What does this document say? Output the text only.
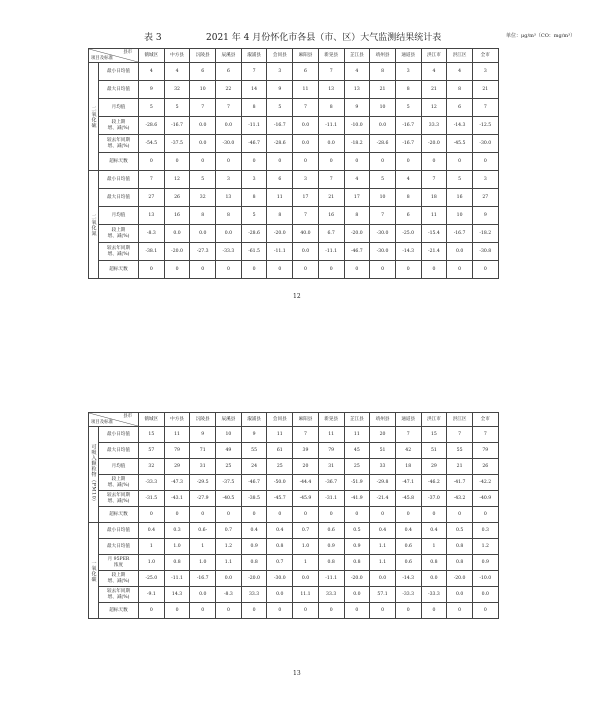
表 3	2021 年 4 月份怀化市各县（市、区）大气监测结果统计表	单位：μg/m³（CO：mg/m³）
县市
项目及标准		鹤城区	中方县	沅陵县	辰溪县	溆浦县	会同县	麻阳县	新晃县	芷江县	靖州县	通道县	洪江市	洪江区	全市

二氧化硫	最小日均值	4	4	6	6	7	3	6	7	4	8	3	4	4	3
	最大日均值	9	32	10	22	14	9	11	13	13	21	8	21	8	21
	月均值	5	5	7	7	8	5	7	8	9	10	5	12	6	7
	较上期
增、减(%)	-28.6	-16.7	0.0	0.0	-11.1	-16.7	0.0	-11.1	-10.0	0.0	-16.7	33.3	-14.3	-12.5
	较去年同期
增、减(%)	-54.5	-37.5	0.0	-30.0	-46.7	-28.6	0.0	0.0	-18.2	-28.6	-16.7	-20.0	-45.5	-30.0
	超标天数	0	0	0	0	0	0	0	0	0	0	0	0	0	0

二氧化氮	最小日均值	7	12	5	3	3	6	3	7	4	5	4	7	5	3
	最大日均值	27	26	32	13	8	11	17	21	17	10	8	18	16	27
	月均值	13	16	8	8	5	8	7	16	8	7	6	11	10	9
	较上期
增、减(%)	-8.3	0.0	0.0	0.0	-28.6	-20.0	40.0	6.7	-20.0	-30.0	-25.0	-15.4	-16.7	-18.2
	较去年同期
增、减(%)	-38.1	-20.0	-27.3	-33.3	-61.5	-11.1	0.0	-11.1	-46.7	-30.0	-14.3	-21.4	0.0	-30.8
	超标天数	0	0	0	0	0	0	0	0	0	0	0	0	0	0
12
县市
项目及标准		鹤城区	中方县	沅陵县	辰溪县	溆浦县	会同县	麻阳县	新晃县	芷江县	靖州县	通道县	洪江市	洪江区	全市

可吸入颗粒物（PM10）	最小日均值	15	11	9	10	9	11	7	11	11	20	7	15	7	7
	最大日均值	57	79	71	49	55	61	39	79	45	51	42	51	55	79
	月均值	32	29	31	25	24	25	20	31	25	33	18	29	21	26
	较上期
增、减(%)	-33.3	-47.3	-29.5	-37.5	-46.7	-50.0	-44.4	-36.7	-51.9	-29.8	-47.1	-46.2	-41.7	-42.2
	较去年同期
增、减(%)	-31.5	-43.1	-27.9	-40.5	-38.5	-45.7	-45.9	-31.1	-41.9	-21.4	-45.8	-37.0	-43.2	-40.9
	超标天数	0	0	0	0	0	0	0	0	0	0	0	0	0	0

一氧化碳	最小日均值	0.4	0.3	0.6-	0.7	0.4	0.4	0.7	0.6	0.5	0.4	0.4	0.4	0.5	0.3
	最大日均值	1	1.0	1	1.2	0.9	0.8	1.0	0.9	0.9	1.1	0.6	1	0.8	1.2
	月 95PER
浓度	1.0	0.8	1.0	1.1	0.8	0.7	1	0.8	0.8	1.1	0.6	0.8	0.8	0.9
	较上期
增、减(%)	-25.0	-11.1	-16.7	0.0	-20.0	-30.0	0.0	-11.1	-20.0	0.0	-14.3	0.0	-20.0	-10.0
	较去年同期
增、减(%)	-9.1	14.3	0.0	-8.3	33.3	0.0	11.1	33.3	0.0	57.1	-33.3	-33.3	0.0	0.0
	超标天数	0	0	0	0	0	0	0	0	0	0	0	0	0	0
13
